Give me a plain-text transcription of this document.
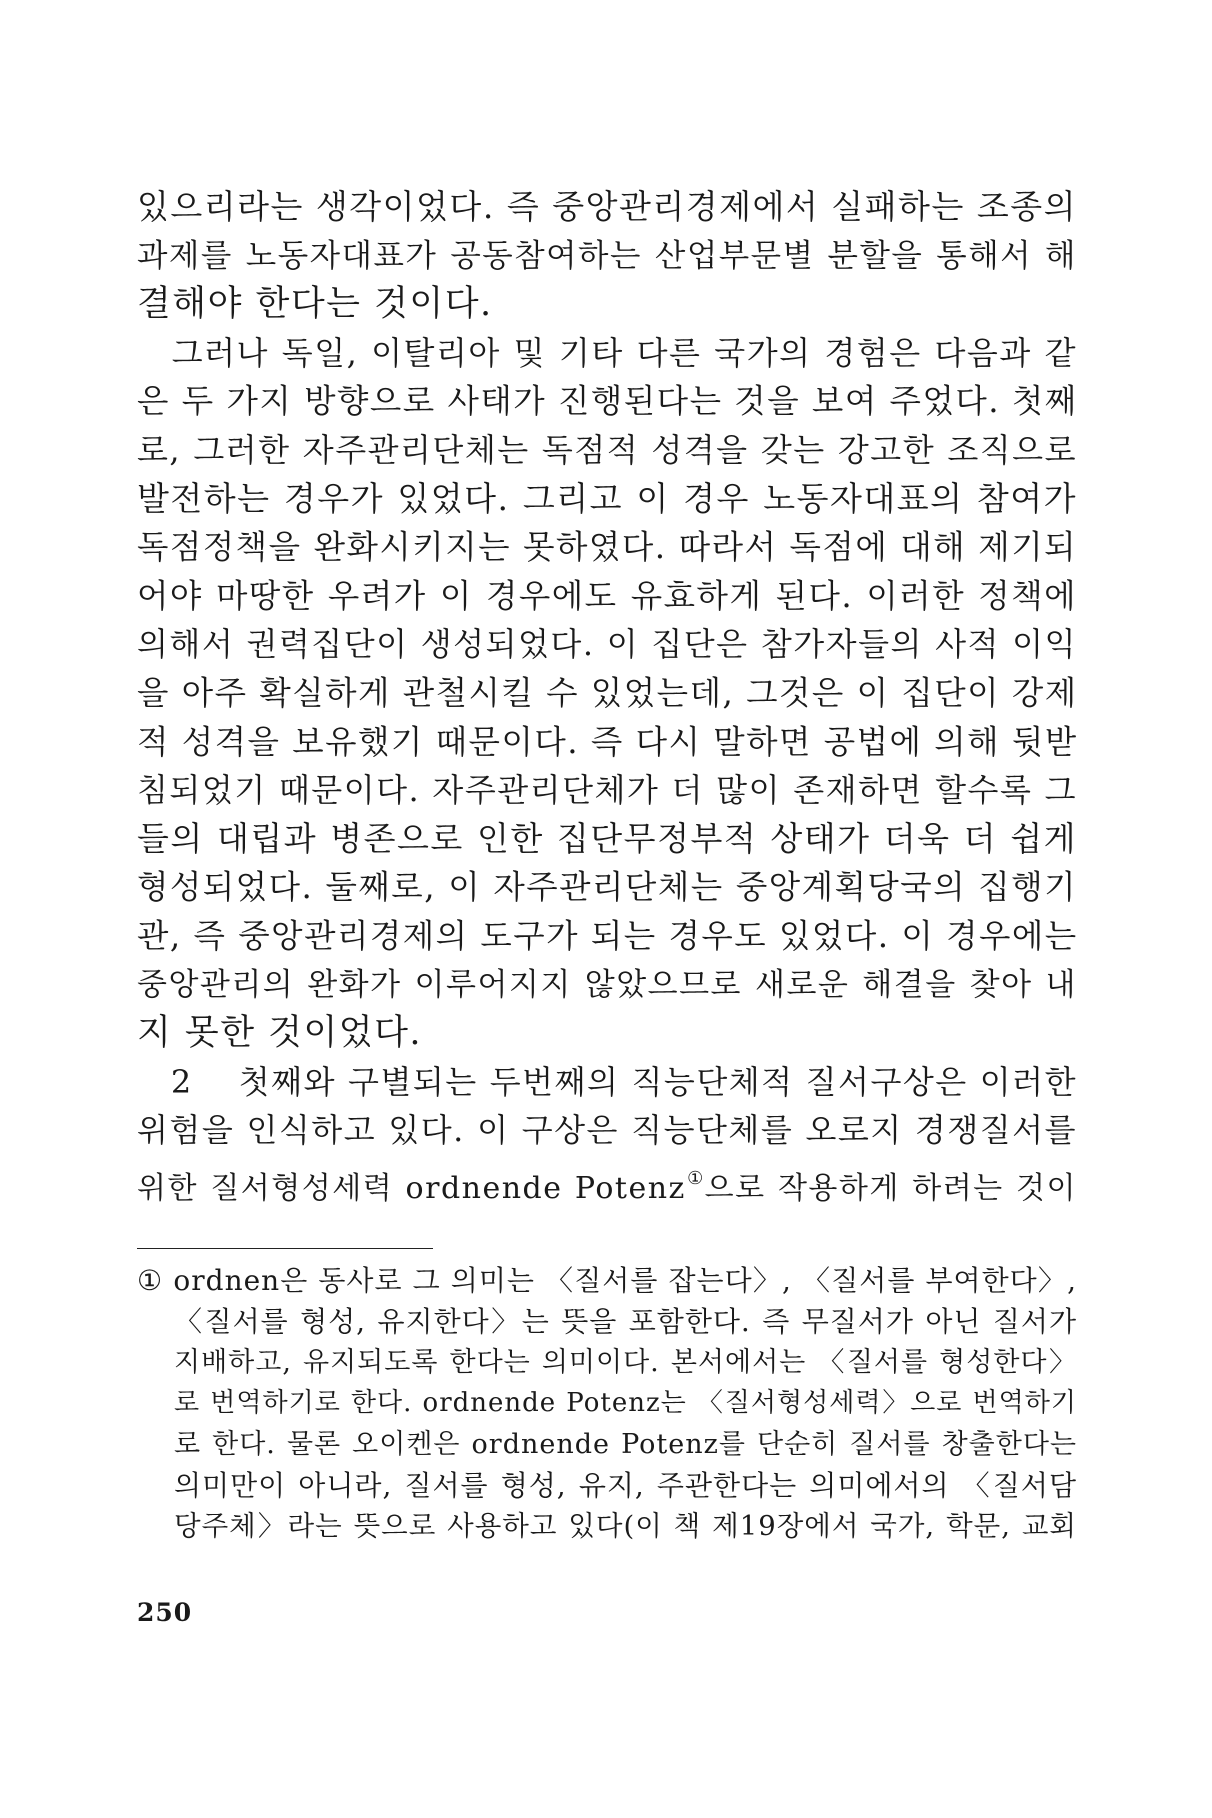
있으리라는 생각이었다. 즉 중앙관리경제에서 실패하는 조종의
과제를 노동자대표가 공동참여하는 산업부문별 분할을 통해서 해
결해야 한다는 것이다.
　그러나 독일, 이탈리아 및 기타 다른 국가의 경험은 다음과 같
은 두 가지 방향으로 사태가 진행된다는 것을 보여 주었다. 첫째
로, 그러한 자주관리단체는 독점적 성격을 갖는 강고한 조직으로
발전하는 경우가 있었다. 그리고 이 경우 노동자대표의 참여가
독점정책을 완화시키지는 못하였다. 따라서 독점에 대해 제기되
어야 마땅한 우려가 이 경우에도 유효하게 된다. 이러한 정책에
의해서 권력집단이 생성되었다. 이 집단은 참가자들의 사적 이익
을 아주 확실하게 관철시킬 수 있었는데, 그것은 이 집단이 강제
적 성격을 보유했기 때문이다. 즉 다시 말하면 공법에 의해 뒷받
침되었기 때문이다. 자주관리단체가 더 많이 존재하면 할수록 그
들의 대립과 병존으로 인한 집단무정부적 상태가 더욱 더 쉽게
형성되었다. 둘째로, 이 자주관리단체는 중앙계획당국의 집행기
관, 즉 중앙관리경제의 도구가 되는 경우도 있었다. 이 경우에는
중앙관리의 완화가 이루어지지 않았으므로 새로운 해결을 찾아 내
지 못한 것이었다.
　2 　첫째와 구별되는 두번째의 직능단체적 질서구상은 이러한
위험을 인식하고 있다. 이 구상은 직능단체를 오로지 경쟁질서를
위한 질서형성세력 ordnende Potenz①으로 작용하게 하려는 것이
① ordnen은 동사로 그 의미는 〈질서를 잡는다〉, 〈질서를 부여한다〉,
〈질서를 형성, 유지한다〉는 뜻을 포함한다. 즉 무질서가 아닌 질서가
지배하고, 유지되도록 한다는 의미이다. 본서에서는 〈질서를 형성한다〉
로 번역하기로 한다. ordnende Potenz는 〈질서형성세력〉으로 번역하기
로 한다. 물론 오이켄은 ordnende Potenz를 단순히 질서를 창출한다는
의미만이 아니라, 질서를 형성, 유지, 주관한다는 의미에서의 〈질서담
당주체〉라는 뜻으로 사용하고 있다(이 책 제19장에서 국가, 학문, 교회
250
